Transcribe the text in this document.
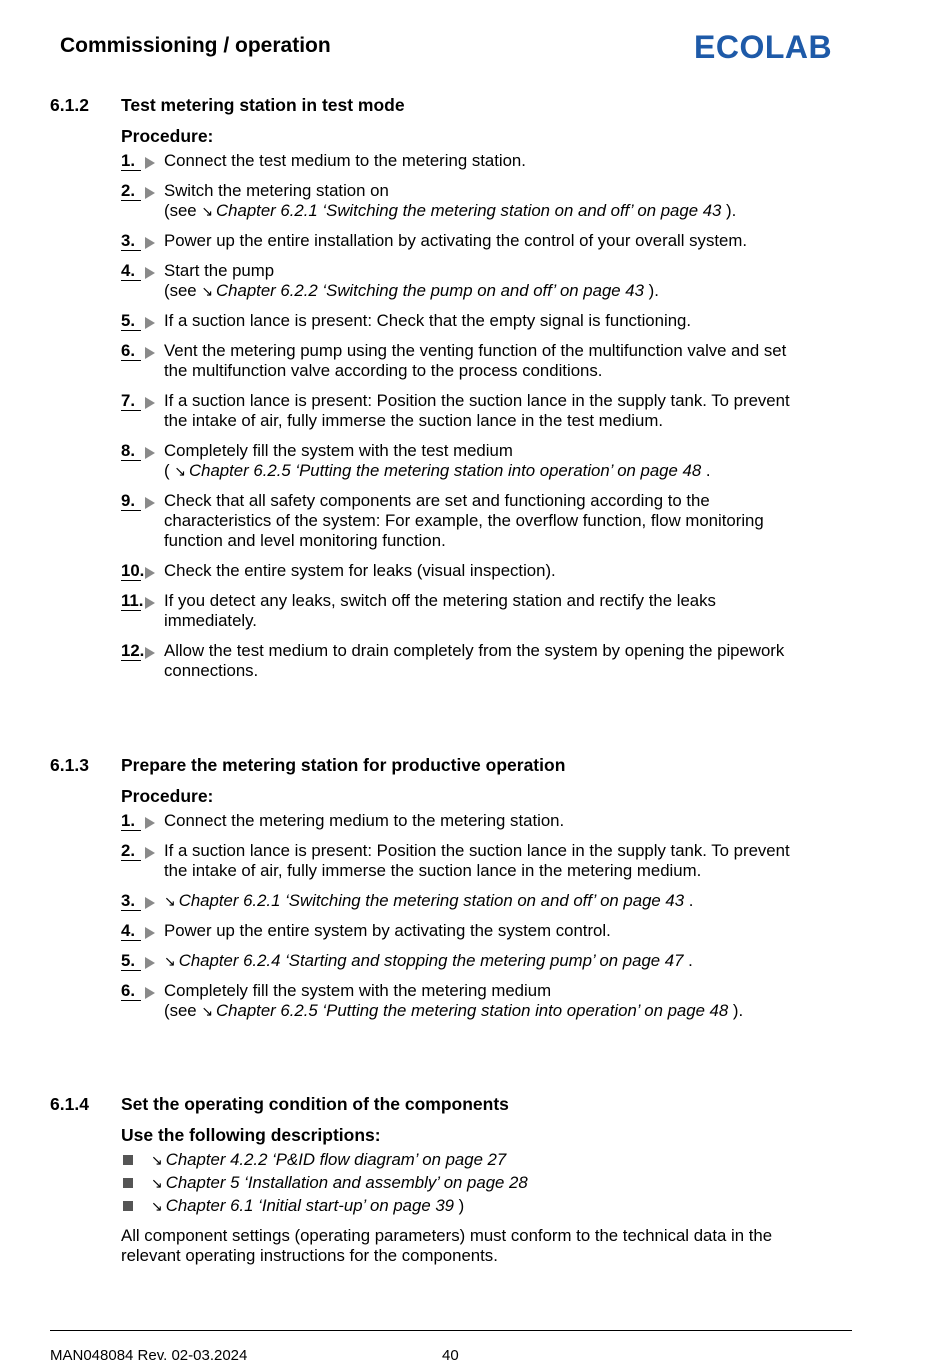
Commissioning / operation	ECOLAB
6.1.2 Test metering station in test mode
Procedure:
1.	Connect the test medium to the metering station.
2.	Switch the metering station on
(see ↘ Chapter 6.2.1 ‘Switching the metering station on and off’ on page 43 ).
3.	Power up the entire installation by activating the control of your overall system.
4.	Start the pump
(see ↘ Chapter 6.2.2 ‘Switching the pump on and off’ on page 43 ).
5.	If a suction lance is present: Check that the empty signal is functioning.
6.	Vent the metering pump using the venting function of the multifunction valve and set
the multifunction valve according to the process conditions.
7.	If a suction lance is present: Position the suction lance in the supply tank. To prevent
the intake of air, fully immerse the suction lance in the test medium.
8.	Completely fill the system with the test medium
( ↘ Chapter 6.2.5 ‘Putting the metering station into operation’ on page 48 .
9.	Check that all safety components are set and functioning according to the
characteristics of the system: For example, the overflow function, flow monitoring
function and level monitoring function.
10. Check the entire system for leaks (visual inspection).
11. If you detect any leaks, switch off the metering station and rectify the leaks
immediately.
12. Allow the test medium to drain completely from the system by opening the pipework
connections.
6.1.3 Prepare the metering station for productive operation
Procedure:
1.	Connect the metering medium to the metering station.
2.	If a suction lance is present: Position the suction lance in the supply tank. To prevent
the intake of air, fully immerse the suction lance in the metering medium.
3.	↘ Chapter 6.2.1 ‘Switching the metering station on and off’ on page 43 .
4.	Power up the entire system by activating the system control.
5.	↘ Chapter 6.2.4 ‘Starting and stopping the metering pump’ on page 47 .
6.	Completely fill the system with the metering medium
(see ↘ Chapter 6.2.5 ‘Putting the metering station into operation’ on page 48 ).
6.1.4 Set the operating condition of the components
Use the following descriptions:
↘ Chapter 4.2.2 ‘P&ID flow diagram’ on page 27
↘ Chapter 5 ‘Installation and assembly’ on page 28
↘ Chapter 6.1 ‘Initial start-up’ on page 39 )
All component settings (operating parameters) must conform to the technical data in the
relevant operating instructions for the components.
MAN048084 Rev. 02-03.2024	40
